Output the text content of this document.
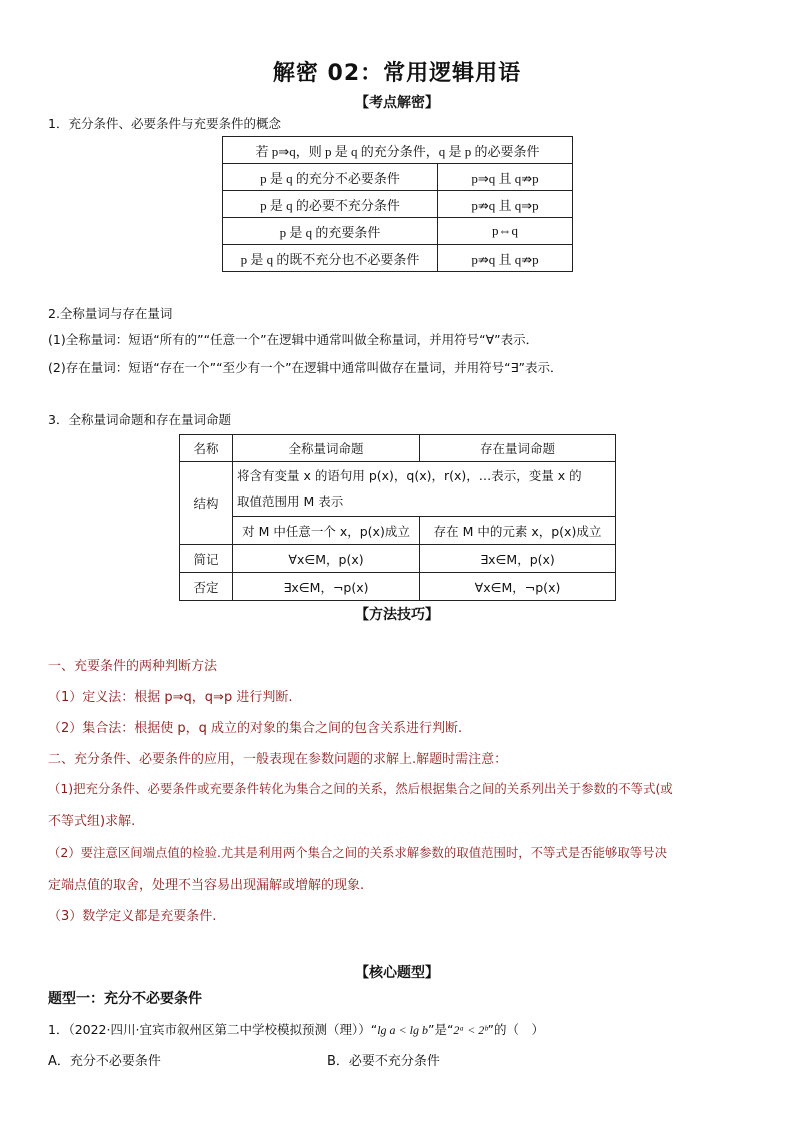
解密 02：常用逻辑用语
【考点解密】
1．充分条件、必要条件与充要条件的概念
若 p⇒q，则 p 是 q 的充分条件，q 是 p 的必要条件	
p 是 q 的充分不必要条件	p⇒q 且 q⇏p
p 是 q 的必要不充分条件	p⇏q 且 q⇒p
p 是 q 的充要条件	p⇔q
p 是 q 的既不充分也不必要条件	p⇏q 且 q⇏p
2.全称量词与存在量词
(1)全称量词：短语“所有的”“任意一个”在逻辑中通常叫做全称量词，并用符号“∀”表示．
(2)存在量词：短语“存在一个”“至少有一个”在逻辑中通常叫做存在量词，并用符号“∃”表示．
3．全称量词命题和存在量词命题
名称	全称量词命题	存在量词命题
结构	将含有变量 x 的语句用 p(x)，q(x)，r(x)，…表示，变量 x 的
取值范围用 M 表示	

	对 M 中任意一个 x，p(x)成立	存在 M 中的元素 x，p(x)成立
简记	∀x∈M，p(x)	∃x∈M，p(x)
否定	∃x∈M，¬p(x)	∀x∈M，¬p(x)
【方法技巧】
一、充要条件的两种判断方法
（1）定义法：根据 p⇒q，q⇒p 进行判断.
（2）集合法：根据使 p，q 成立的对象的集合之间的包含关系进行判断.
二、充分条件、必要条件的应用，一般表现在参数问题的求解上.解题时需注意：
（1)把充分条件、必要条件或充要条件转化为集合之间的关系，然后根据集合之间的关系列出关于参数的不等式(或
不等式组)求解.
（2）要注意区间端点值的检验.尤其是利用两个集合之间的关系求解参数的取值范围时，不等式是否能够取等号决
定端点值的取舍，处理不当容易出现漏解或增解的现象.
（3）数学定义都是充要条件.
【核心题型】
题型一：充分不必要条件
1．（2022·四川·宜宾市叙州区第二中学校模拟预测（理））“lg a < lg b”是“2ᵃ < 2ᵇ”的（　）
A．充分不必要条件	B．必要不充分条件
